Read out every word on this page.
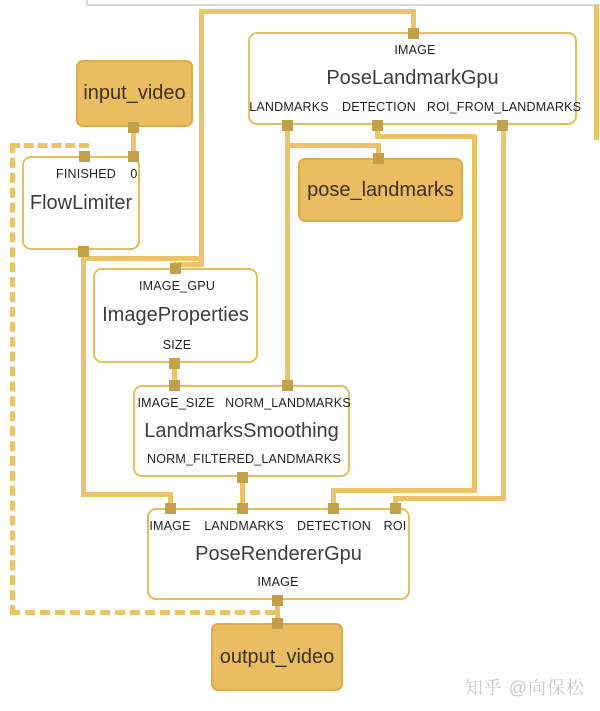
知乎 @向保松
input_video
FlowLimiter
FINISHED 0
PoseLandmarkGpu
IMAGE
LANDMARKS DETECTION ROI_FROM_LANDMARKS
pose_landmarks
ImageProperties
IMAGE_GPU
SIZE
LandmarksSmoothing
IMAGE_SIZE NORM_LANDMARKS
NORM_FILTERED_LANDMARKS
PoseRendererGpu
IMAGE LANDMARKS DETECTION ROI
IMAGE
output_video
